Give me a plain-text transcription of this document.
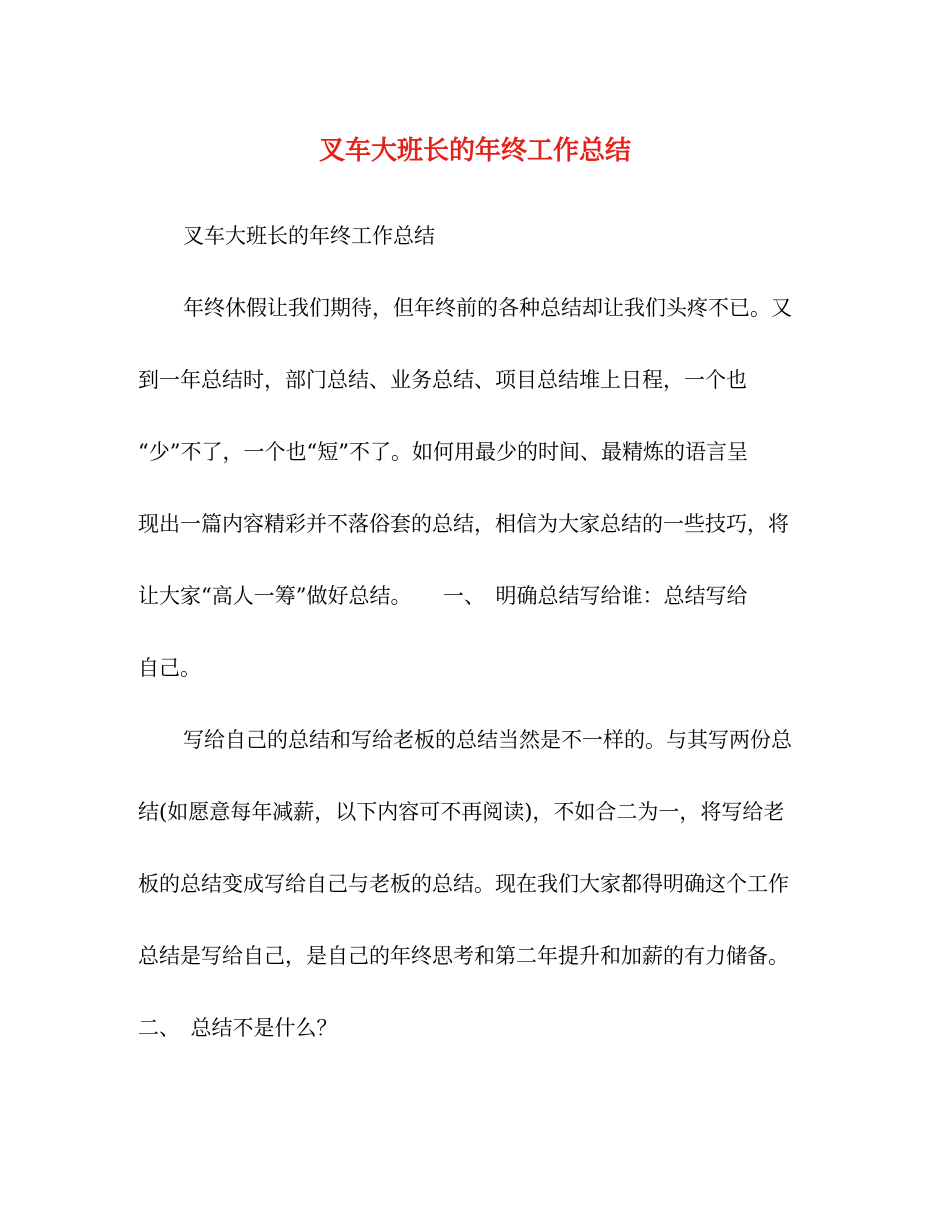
叉车大班长的年终工作总结
叉车大班长的年终工作总结
年终休假让我们期待，但年终前的各种总结却让我们头疼不已。又
到一年总结时，部门总结、业务总结、项目总结堆上日程，一个也
“少”不了，一个也“短”不了。如何用最少的时间、最精炼的语言呈
现出一篇内容精彩并不落俗套的总结，相信为大家总结的一些技巧，将
让大家“高人一筹”做好总结。　　一、　明确总结写给谁：总结写给
自己。
写给自己的总结和写给老板的总结当然是不一样的。与其写两份总
结(如愿意每年减薪，以下内容可不再阅读)，不如合二为一，将写给老
板的总结变成写给自己与老板的总结。现在我们大家都得明确这个工作
总结是写给自己，是自己的年终思考和第二年提升和加薪的有力储备。
二、　总结不是什么？
